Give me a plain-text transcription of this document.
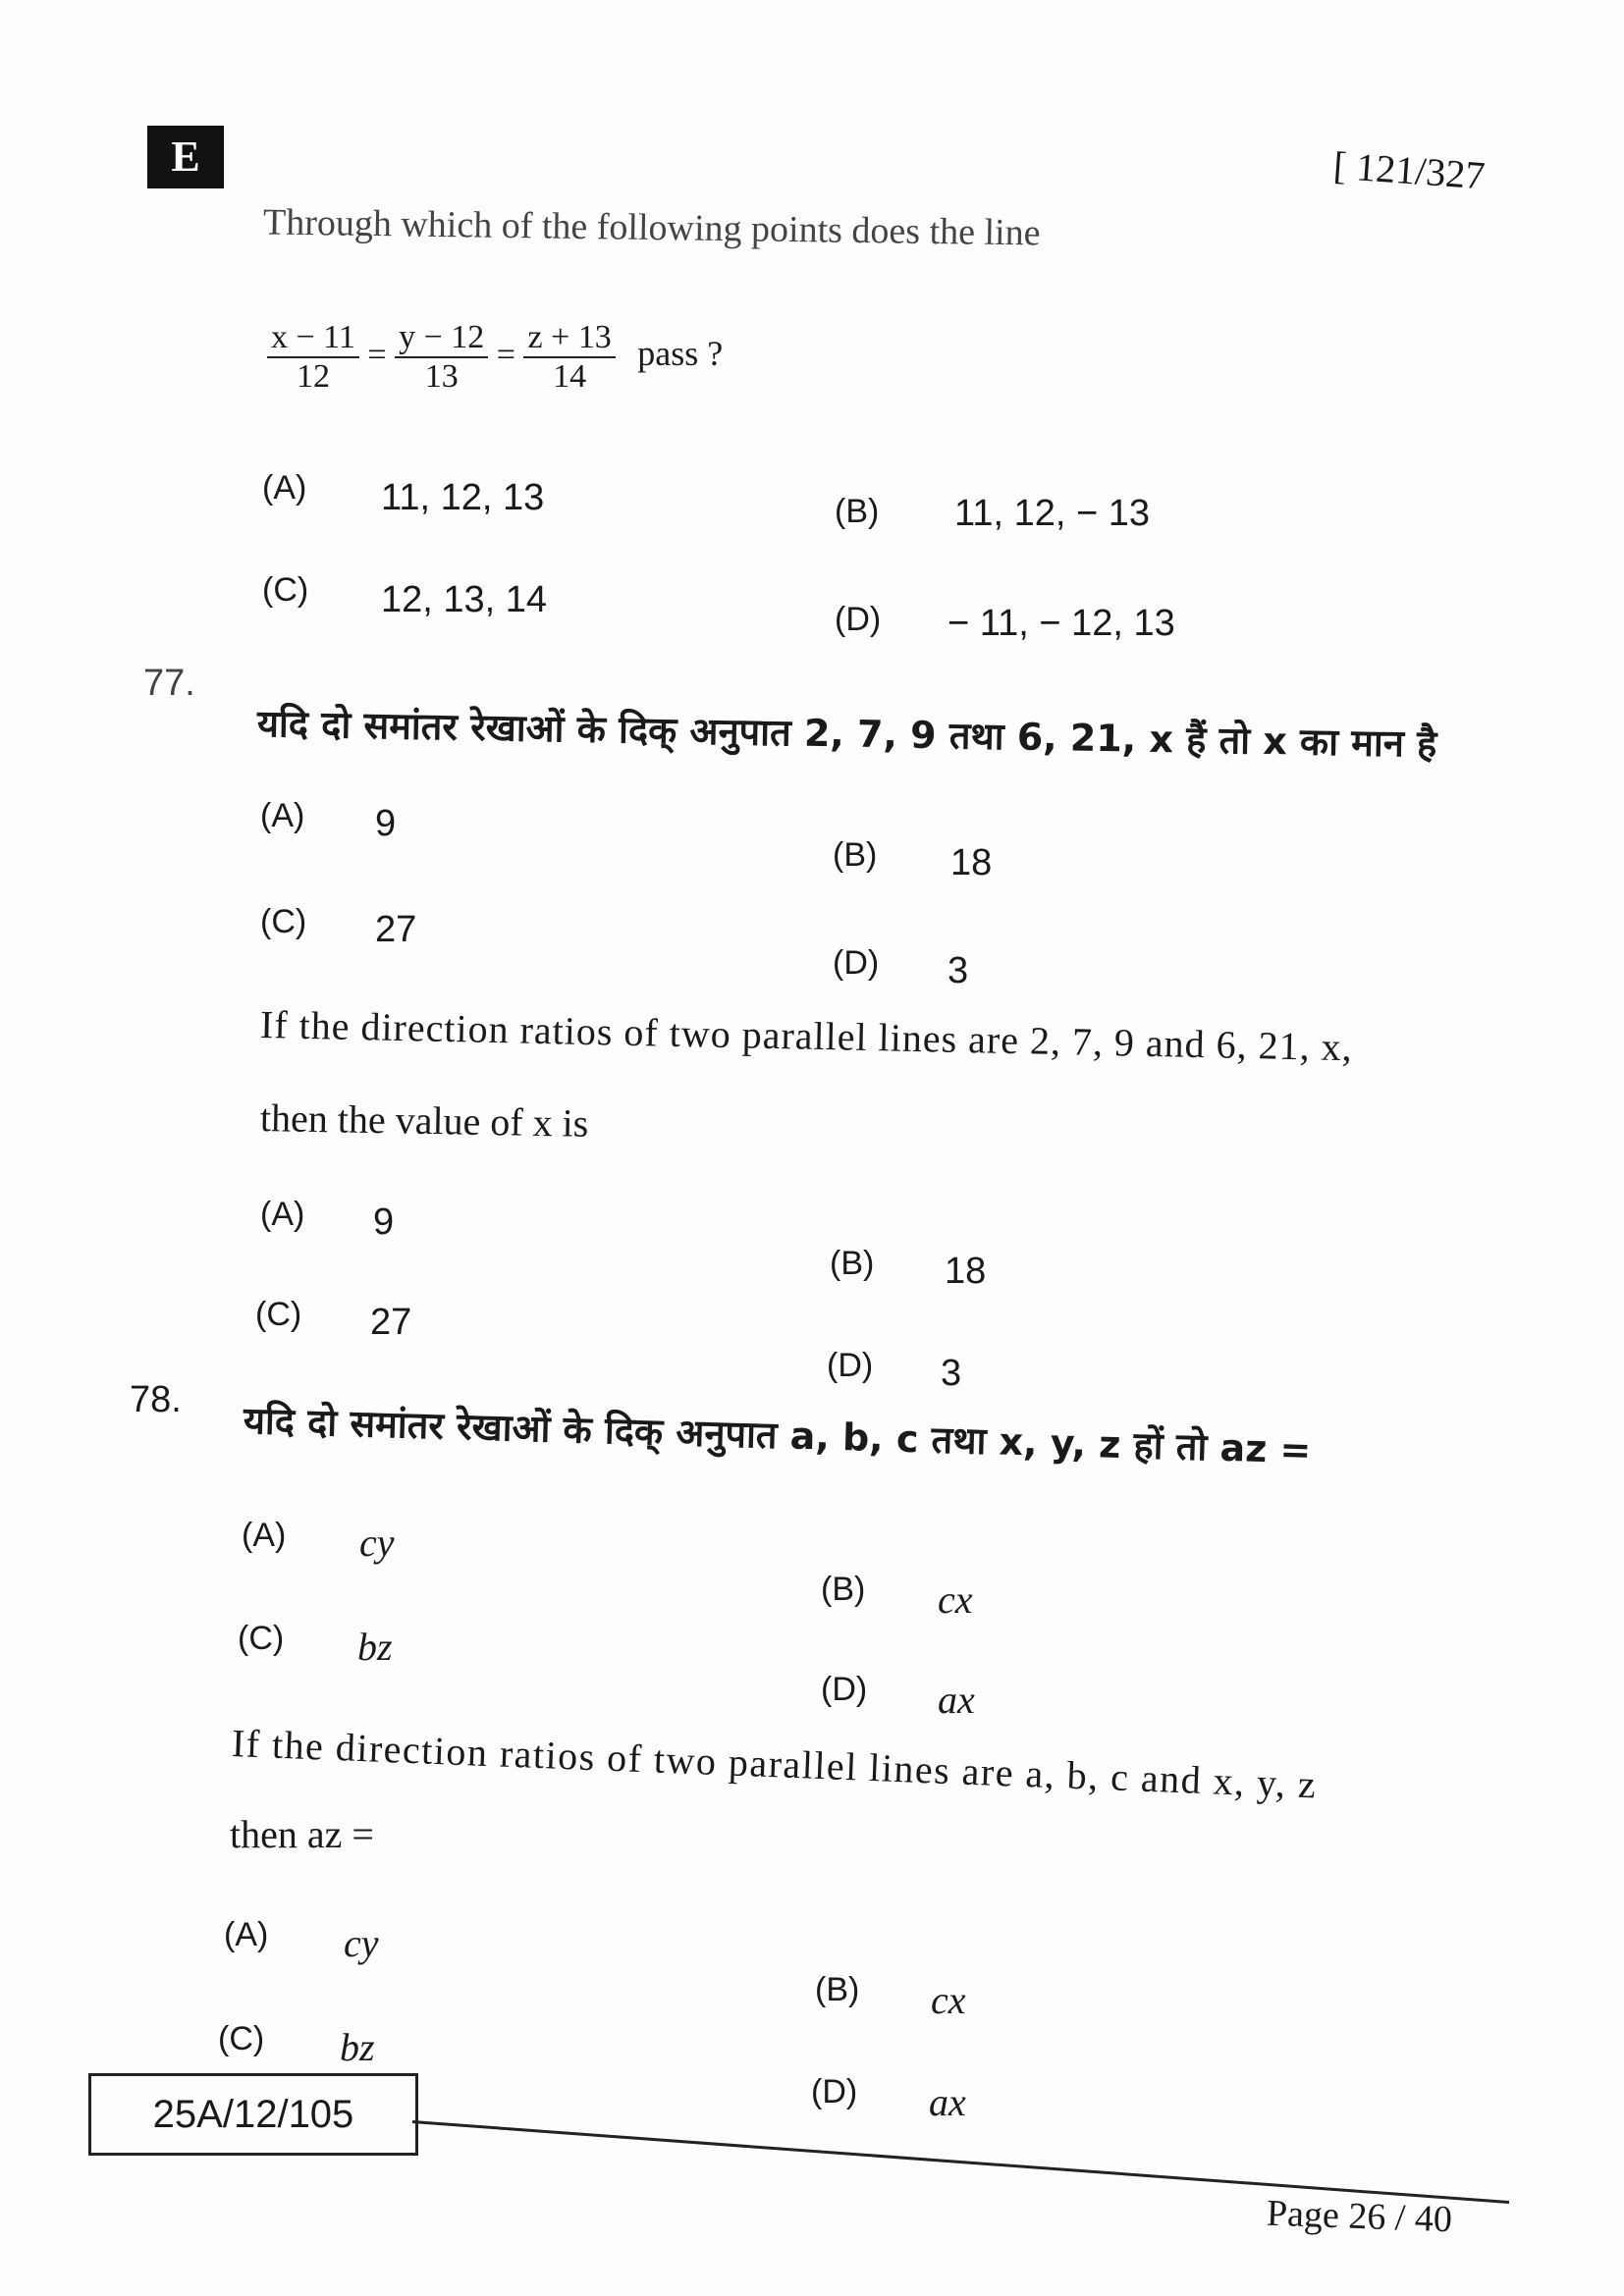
E	[ 121/327
Through which of the following points does the line
$\frac{x - 11}{12} = \frac{y - 12}{13} = \frac{z + 13}{14}$ pass ?
(A) 11, 12, 13	(B) 11, 12, − 13
(C) 12, 13, 14	(D) − 11, − 12, 13
77.
यदि दो समांतर रेखाओं के दिक् अनुपात 2, 7, 9 तथा 6, 21, x हैं तो x का मान है
(A) 9
(B) 18
(C) 27
(D) 3
If the direction ratios of two parallel lines are 2, 7, 9 and 6, 21, x,
then the value of x is
(A) 9
(B) 18
(C) 27
(D) 3
78. यदि दो समांतर रेखाओं के दिक् अनुपात a, b, c तथा x, y, z हों तो az =
(A) cy
(B) cx
(C) bz
(D) ax
If the direction ratios of two parallel lines are a, b, c and x, y, z
then az =
(A) cy
(B) cx
(C) bz
(D) ax
25A/12/105
Page 26 / 40
